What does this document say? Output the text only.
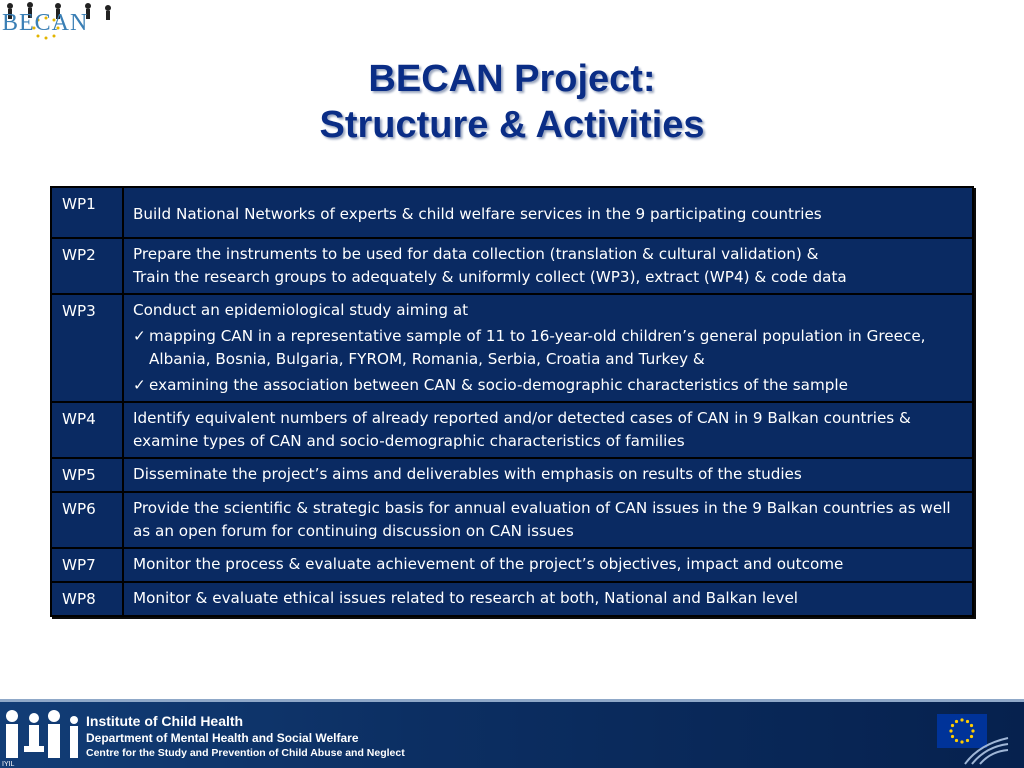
BECAN
BECAN Project:
Structure & Activities
WP1	Build National Networks of experts & child welfare services in the 9 participating countries
WP2	Prepare the instruments to be used for data collection (translation & cultural validation) &
Train the research groups to adequately & uniformly collect (WP3), extract (WP4) & code data

WP3	Conduct an epidemiological study aiming at
✓ mapping CAN in a representative sample of 11 to 16-year-old children’s general population in Greece, Albania, Bosnia, Bulgaria, FYROM, Romania, Serbia, Croatia and Turkey &
✓ examining the association between CAN & socio-demographic characteristics of the sample

WP4	Identify equivalent numbers of already reported and/or detected cases of CAN in 9 Balkan countries & examine types of CAN and socio-demographic characteristics of families
WP5	Disseminate the project’s aims and deliverables with emphasis on results of the studies
WP6	Provide the scientific & strategic basis for annual evaluation of CAN issues in the 9 Balkan countries as well as an open forum for continuing discussion on CAN issues
WP7	Monitor the process & evaluate achievement of the project’s objectives, impact and outcome
WP8	Monitor & evaluate ethical issues related to research at both, National and Balkan level
IYIL
Institute of Child Health
Department of Mental Health and Social Welfare
Centre for the Study and Prevention of Child Abuse and Neglect
